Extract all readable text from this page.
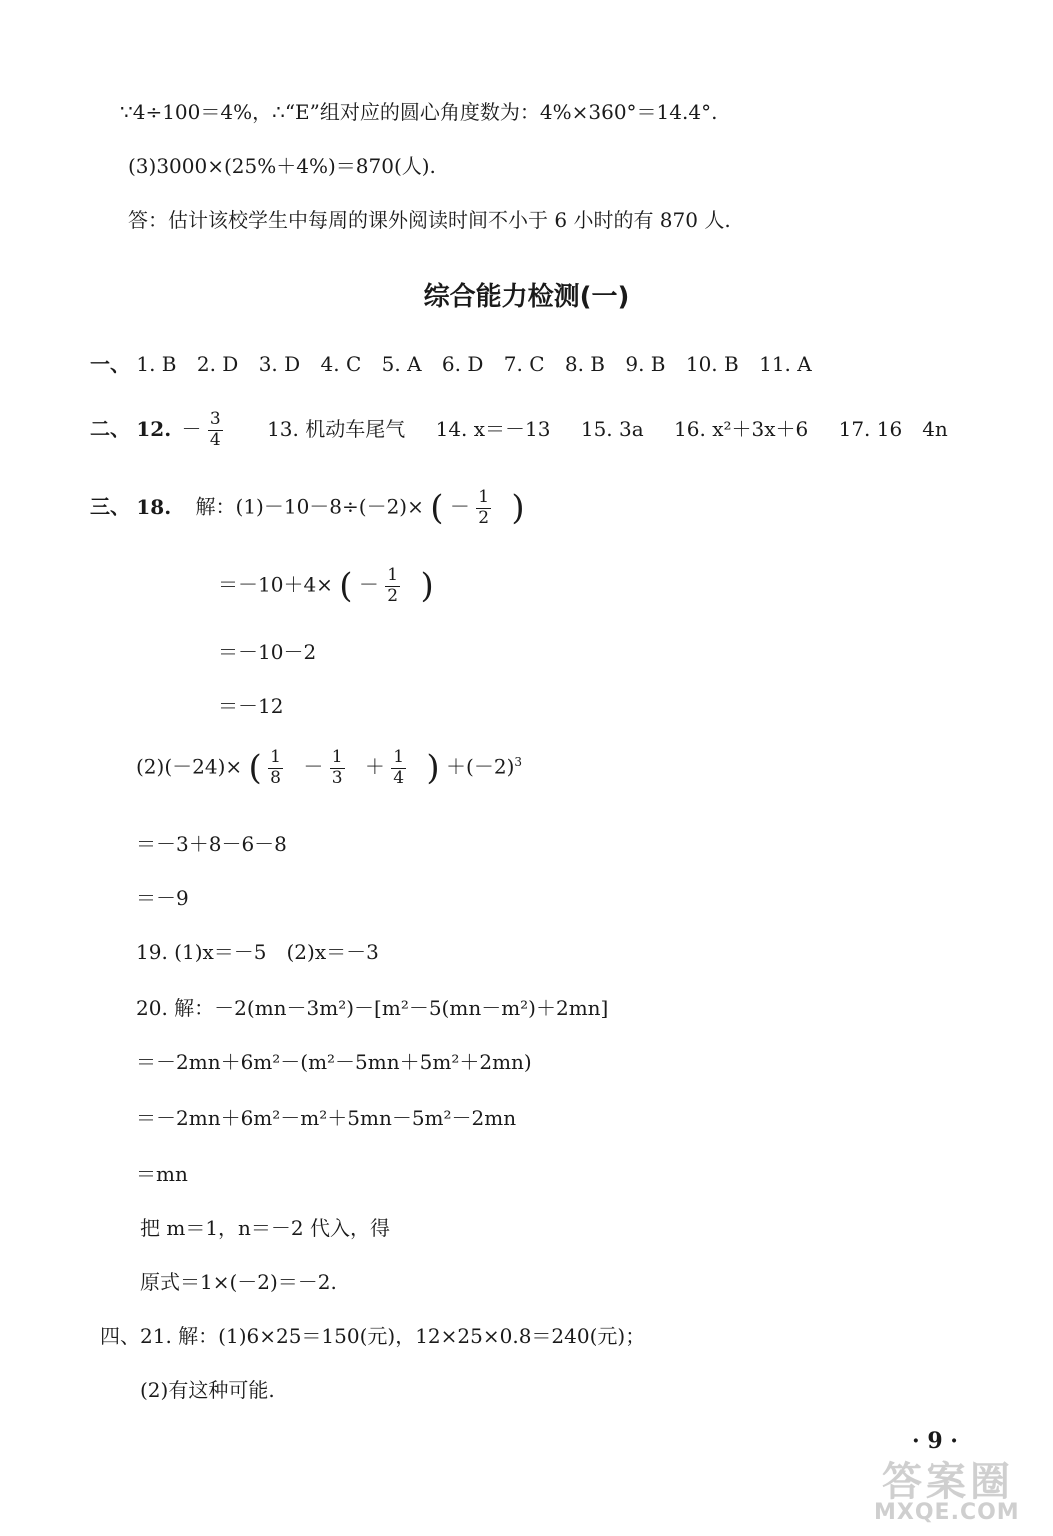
∵4÷100＝4%，∴“E”组对应的圆心角度数为：4%×360°＝14.4°.
(3)3000×(25%＋4%)＝870(人).
答：估计该校学生中每周的课外阅读时间不小于 6 小时的有 870 人.
综合能力检测(一)
一、 1. B 2. D 3. D 4. C 5. A 6. D 7. C 8. B 9. B 10. B 11. A
二、 12. － $\frac{3}{4} 13$. 机动车尾气 14. x＝－13 15. 3a 16. x²＋3x＋6 17. 16　4n
三、 18. 解：(1)－10－8÷(－2)× ( － $\frac{1}{2}$ )
＝－10＋4× ( － $\frac{1}{2}$ )
＝－10－2
＝－12
(2)(－24)× ( $\frac{1}{8} - \frac{1}{3} + \frac{1}{4}$ ) $+(-2)^3$
＝－3＋8－6－8
＝－9
19. (1)x＝－5　(2)x＝－3
20. 解：－2(mn－3m²)－[m²－5(mn－m²)＋2mn]
＝－2mn＋6m²－(m²－5mn＋5m²＋2mn)
＝－2mn＋6m²－m²＋5mn－5m²－2mn
＝mn
把 m＝1，n＝－2 代入，得
原式＝1×(－2)＝－2.
四、21. 解：(1)6×25＝150(元)，12×25×0.8＝240(元)；
(2)有这种可能.
· 9 ·
答案圈
MXQE.COM
